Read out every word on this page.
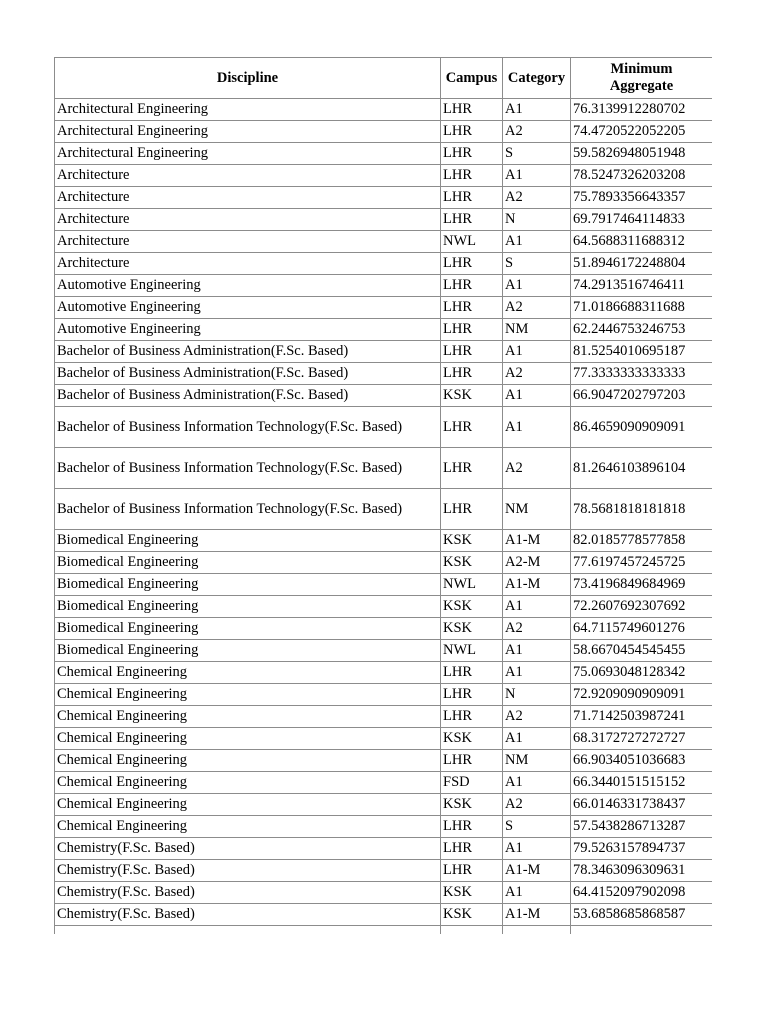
Discipline	Campus	Category	Minimum
Aggregate
Architectural Engineering	LHR	A1	76.3139912280702
Architectural Engineering	LHR	A2	74.4720522052205
Architectural Engineering	LHR	S	59.5826948051948
Architecture	LHR	A1	78.5247326203208
Architecture	LHR	A2	75.7893356643357
Architecture	LHR	N	69.7917464114833
Architecture	NWL	A1	64.5688311688312
Architecture	LHR	S	51.8946172248804
Automotive Engineering	LHR	A1	74.2913516746411
Automotive Engineering	LHR	A2	71.0186688311688
Automotive Engineering	LHR	NM	62.2446753246753
Bachelor of Business Administration(F.Sc. Based)	LHR	A1	81.5254010695187
Bachelor of Business Administration(F.Sc. Based)	LHR	A2	77.3333333333333
Bachelor of Business Administration(F.Sc. Based)	KSK	A1	66.9047202797203
Bachelor of Business Information Technology(F.Sc. Based)	LHR	A1	86.4659090909091
Bachelor of Business Information Technology(F.Sc. Based)	LHR	A2	81.2646103896104
Bachelor of Business Information Technology(F.Sc. Based)	LHR	NM	78.5681818181818
Biomedical Engineering	KSK	A1-M	82.0185778577858
Biomedical Engineering	KSK	A2-M	77.6197457245725
Biomedical Engineering	NWL	A1-M	73.4196849684969
Biomedical Engineering	KSK	A1	72.2607692307692
Biomedical Engineering	KSK	A2	64.7115749601276
Biomedical Engineering	NWL	A1	58.6670454545455
Chemical Engineering	LHR	A1	75.0693048128342
Chemical Engineering	LHR	N	72.9209090909091
Chemical Engineering	LHR	A2	71.7142503987241
Chemical Engineering	KSK	A1	68.3172727272727
Chemical Engineering	LHR	NM	66.9034051036683
Chemical Engineering	FSD	A1	66.3440151515152
Chemical Engineering	KSK	A2	66.0146331738437
Chemical Engineering	LHR	S	57.5438286713287
Chemistry(F.Sc. Based)	LHR	A1	79.5263157894737
Chemistry(F.Sc. Based)	LHR	A1-M	78.3463096309631
Chemistry(F.Sc. Based)	KSK	A1	64.4152097902098
Chemistry(F.Sc. Based)	KSK	A1-M	53.6858685868587
